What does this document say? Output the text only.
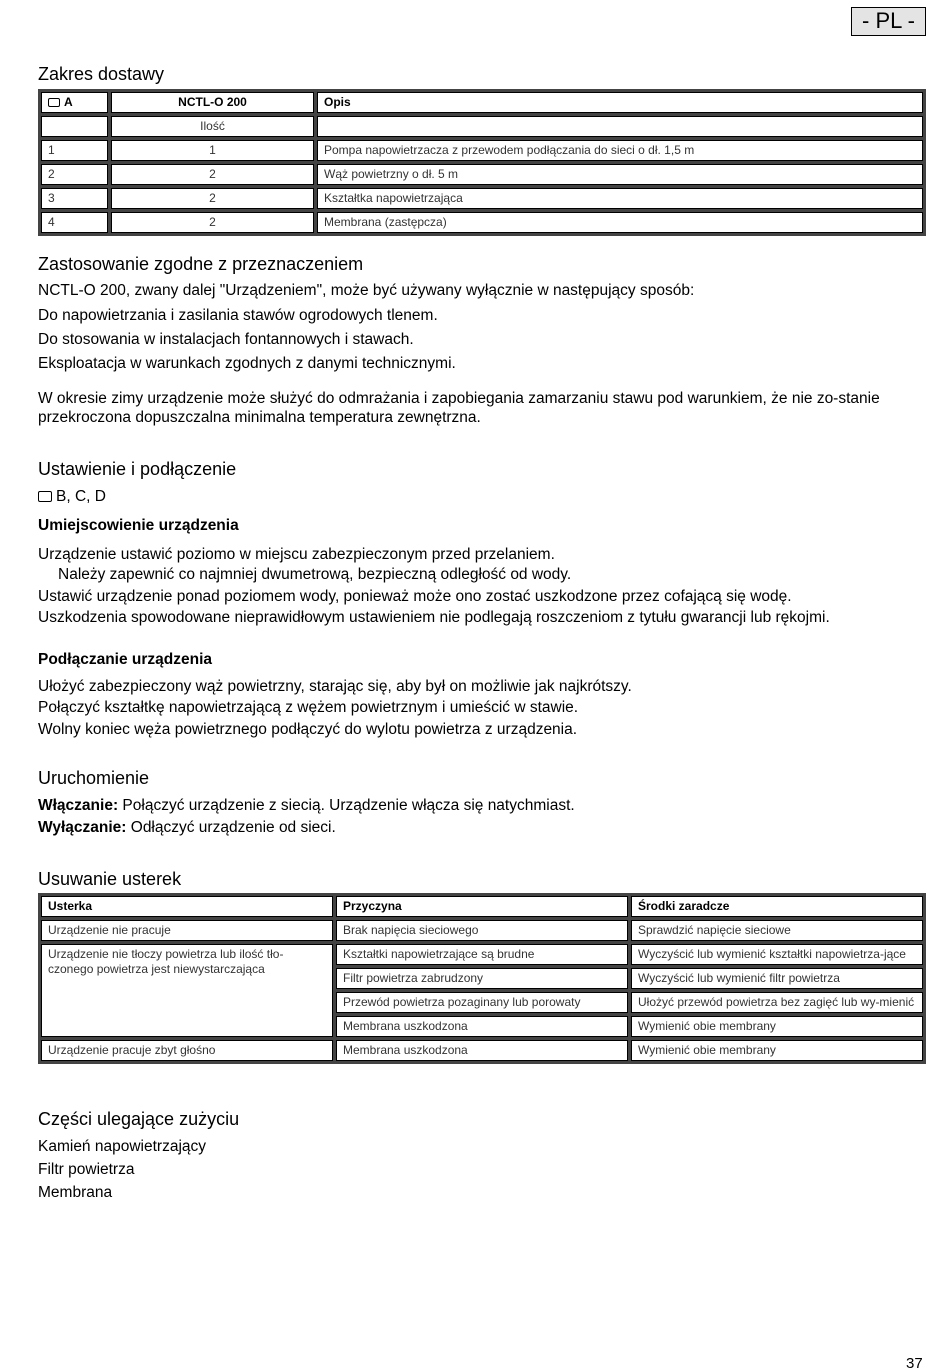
- PL -
Zakres dostawy
A	NCTL-O 200	Opis
	Ilość	
1	1	Pompa napowietrzacza z przewodem podłączania do sieci o dł. 1,5 m
2	2	Wąż powietrzny o dł. 5 m
3	2	Kształtka napowietrzająca
4	2	Membrana (zastępcza)
Zastosowanie zgodne z przeznaczeniem
NCTL-O 200, zwany dalej "Urządzeniem", może być używany wyłącznie w następujący sposób:
Do napowietrzania i zasilania stawów ogrodowych tlenem.
Do stosowania w instalacjach fontannowych i stawach.
Eksploatacja w warunkach zgodnych z danymi technicznymi.
W okresie zimy urządzenie może służyć do odmrażania i zapobiegania zamarzaniu stawu pod warunkiem, że nie zo-stanie przekroczona dopuszczalna minimalna temperatura zewnętrzna.
Ustawienie i podłączenie
B, C, D
Umiejscowienie urządzenia
Urządzenie ustawić poziomo w miejscu zabezpieczonym przed przelaniem.
Należy zapewnić co najmniej dwumetrową, bezpieczną odległość od wody.
Ustawić urządzenie ponad poziomem wody, ponieważ może ono zostać uszkodzone przez cofającą się wodę.
Uszkodzenia spowodowane nieprawidłowym ustawieniem nie podlegają roszczeniom z tytułu gwarancji lub rękojmi.
Podłączanie urządzenia
Ułożyć zabezpieczony wąż powietrzny, starając się, aby był on możliwie jak najkrótszy.
Połączyć kształtkę napowietrzającą z wężem powietrznym i umieścić w stawie.
Wolny koniec węża powietrznego podłączyć do wylotu powietrza z urządzenia.
Uruchomienie
Włączanie: Połączyć urządzenie z siecią. Urządzenie włącza się natychmiast.
Wyłączanie: Odłączyć urządzenie od sieci.
Usuwanie usterek
Usterka	Przyczyna	Środki zaradcze
Urządzenie nie pracuje	Brak napięcia sieciowego	Sprawdzić napięcie sieciowe
Urządzenie nie tłoczy powietrza lub ilość tło-czonego powietrza jest niewystarczająca	Kształtki napowietrzające są brudne	Wyczyścić lub wymienić kształtki napowietrza-jące
	Filtr powietrza zabrudzony	Wyczyścić lub wymienić filtr powietrza
	Przewód powietrza pozaginany lub porowaty	Ułożyć przewód powietrza bez zagięć lub wy-mienić
	Membrana uszkodzona	Wymienić obie membrany
Urządzenie pracuje zbyt głośno	Membrana uszkodzona	Wymienić obie membrany
Części ulegające zużyciu
Kamień napowietrzający
Filtr powietrza
Membrana
37
